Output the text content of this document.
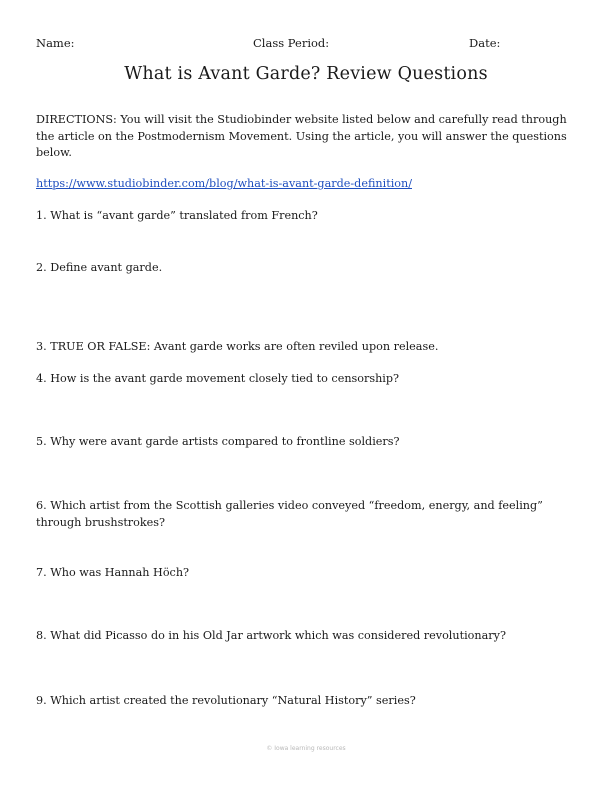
Name:	Class Period:	Date:
What is Avant Garde? Review Questions
DIRECTIONS: You will visit the Studiobinder website listed below and carefully read through the article on the Postmodernism Movement. Using the article, you will answer the questions below.
https://www.studiobinder.com/blog/what-is-avant-garde-definition/
1. What is “avant garde” translated from French?
2. Define avant garde.
3. TRUE OR FALSE: Avant garde works are often reviled upon release.
4. How is the avant garde movement closely tied to censorship?
5. Why were avant garde artists compared to frontline soldiers?
6. Which artist from the Scottish galleries video conveyed “freedom, energy, and feeling” through brushstrokes?
7. Who was Hannah Höch?
8. What did Picasso do in his Old Jar artwork which was considered revolutionary?
9. Which artist created the revolutionary “Natural History” series?
© Iowa learning resources
